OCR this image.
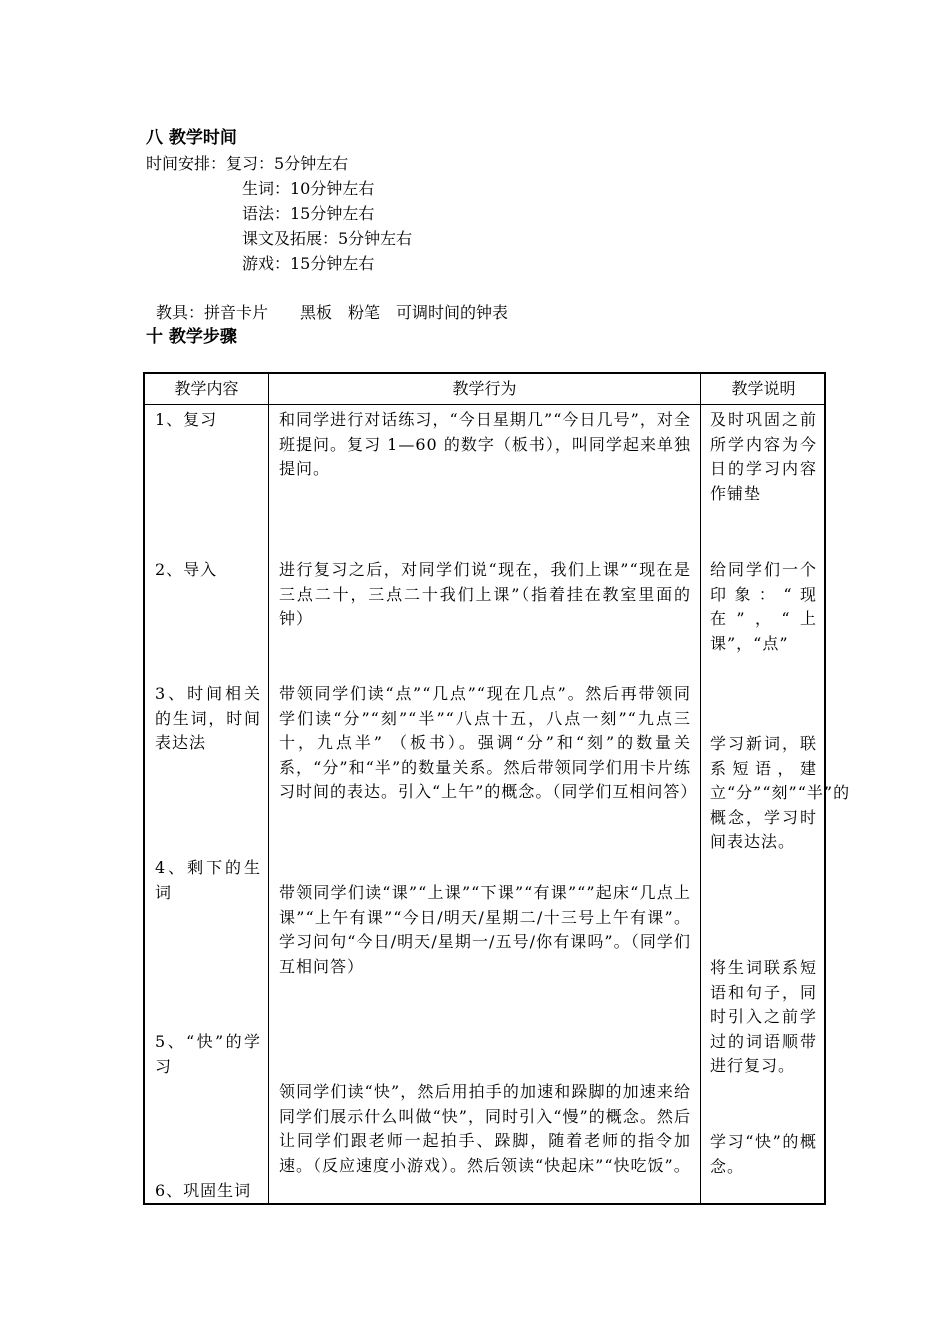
八 教学时间
时间安排：复习：5分钟左右
生词：10分钟左右
语法：15分钟左右
课文及拓展：5分钟左右
游戏：15分钟左右
教具：拼音卡片　　黑板　粉笔　可调时间的钟表
十 教学步骤
教学内容	教学行为	教学说明
1、复习
2、导入
3、时间相关的生词，时间表达法
4、剩下的生词
5、“快”的学习
6、巩固生词
和同学进行对话练习，“今日星期几”“今日几号”，对全班提问。复习 1—60 的数字（板书），叫同学起来单独提问。
进行复习之后，对同学们说“现在，我们上课”“现在是三点二十，三点二十我们上课”（指着挂在教室里面的钟）
带领同学们读“点”“几点”“现在几点”。然后再带领同学们读“分”“刻”“半”“八点十五，八点一刻”“九点三十，九点半” （板书）。强调“分”和“刻”的数量关系，“分”和“半”的数量关系。然后带领同学们用卡片练习时间的表达。引入“上午”的概念。（同学们互相问答）
带领同学们读“课”“上课”“下课”“有课”“”起床“几点上课”“上午有课”“今日/明天/星期二/十三号上午有课”。学习问句“今日/明天/星期一/五号/你有课吗”。（同学们互相问答）
领同学们读“快”，然后用拍手的加速和跺脚的加速来给同学们展示什么叫做“快”，同时引入“慢”的概念。然后让同学们跟老师一起拍手、跺脚，随着老师的指令加速。（反应速度小游戏）。然后领读“快起床”“快吃饭”。
及时巩固之前所学内容为今日的学习内容作铺垫
给同学们一个印象：“现在”，“上课”，“点”
学习新词，联系短语，建立“分”“刻”“半”的概念，学习时间表达法。
将生词联系短语和句子，同时引入之前学过的词语顺带进行复习。
学习“快”的概念。
